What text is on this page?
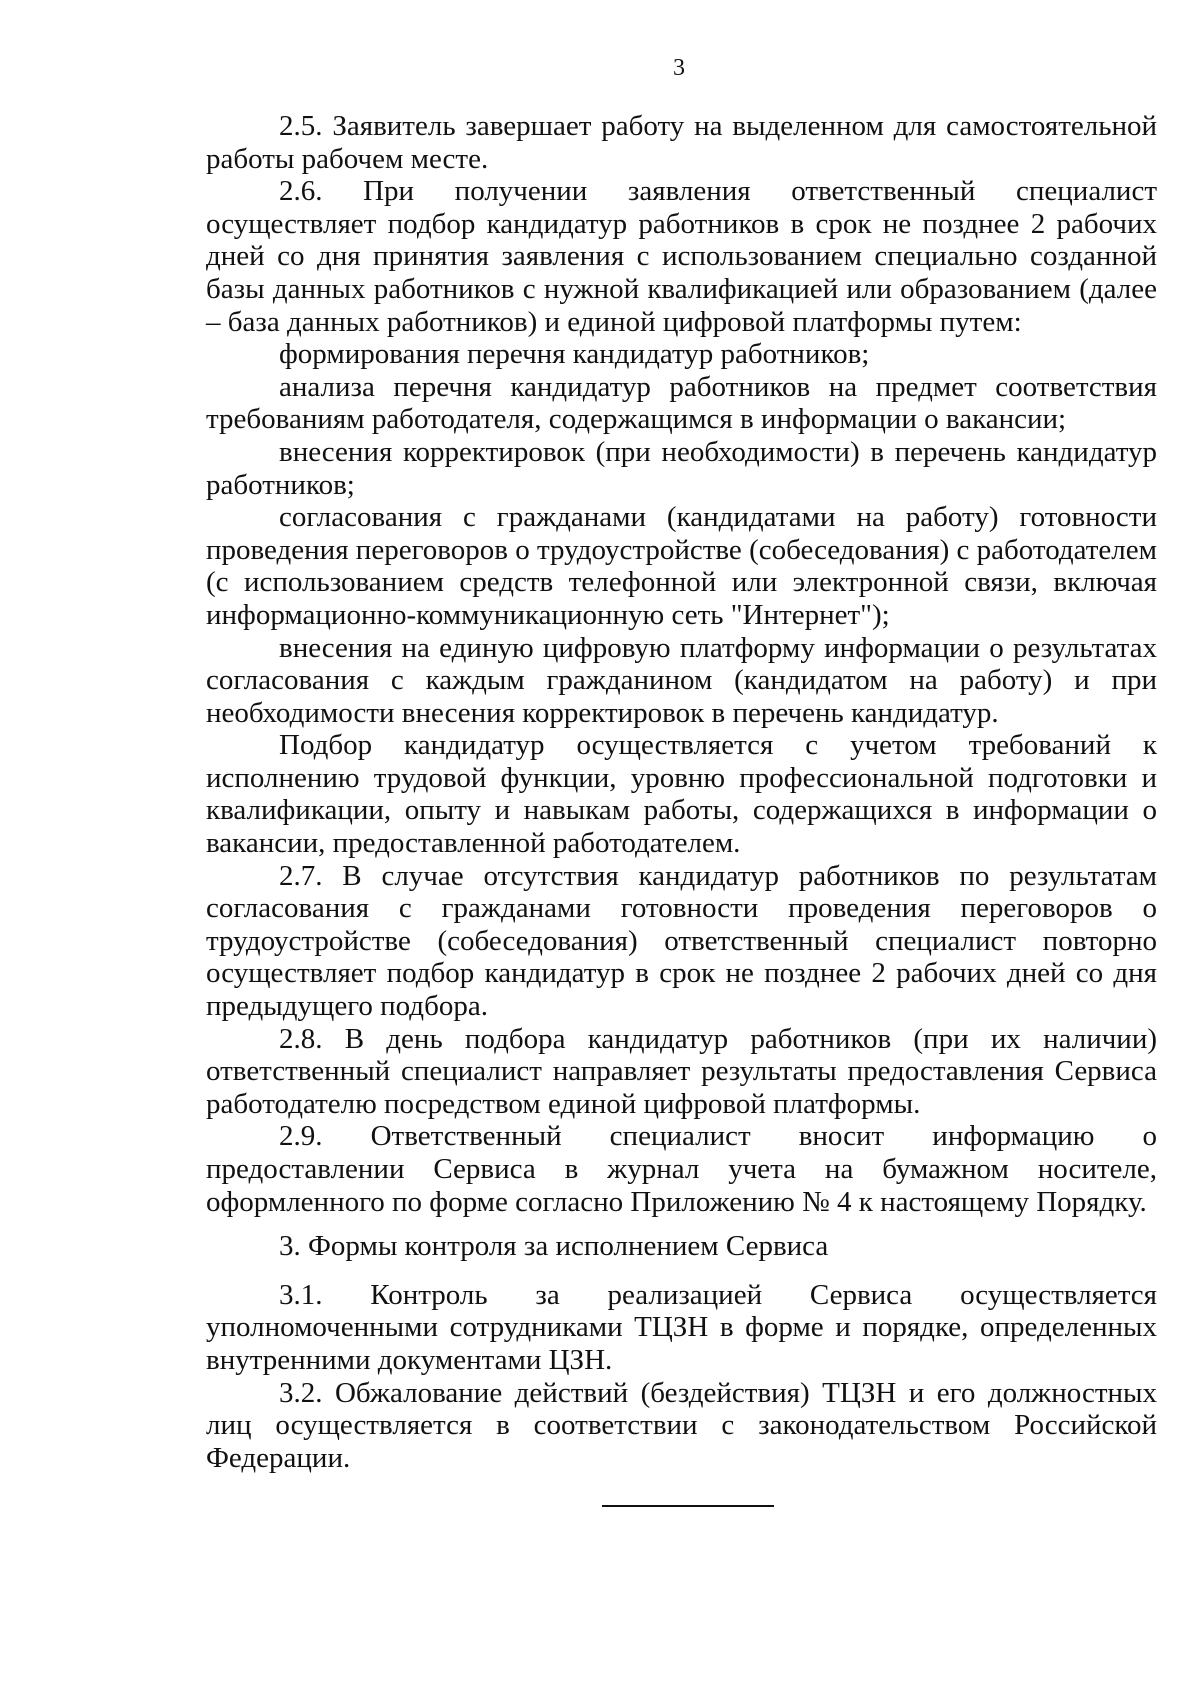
3

2.5. Заявитель завершает работу на выделенном для самостоятельной работы рабочем месте.

2.6. При получении заявления ответственный специалист осуществляет подбор кандидатур работников в срок не позднее 2 рабочих дней со дня принятия заявления с использованием специально созданной базы данных работников с нужной квалификацией или образованием (далее – база данных работников) и единой цифровой платформы путем:

формирования перечня кандидатур работников;

анализа перечня кандидатур работников на предмет соответствия требованиям работодателя, содержащимся в информации о вакансии;

внесения корректировок (при необходимости) в перечень кандидатур работников;

согласования с гражданами (кандидатами на работу) готовности проведения переговоров о трудоустройстве (собеседования) с работодателем (с использованием средств телефонной или электронной связи, включая информационно-коммуникационную сеть "Интернет");

внесения на единую цифровую платформу информации о результатах согласования с каждым гражданином (кандидатом на работу) и при необходимости внесения корректировок в перечень кандидатур.

Подбор кандидатур осуществляется с учетом требований к исполнению трудовой функции, уровню профессиональной подготовки и квалификации, опыту и навыкам работы, содержащихся в информации о вакансии, предоставленной работодателем.

2.7. В случае отсутствия кандидатур работников по результатам согласования с гражданами готовности проведения переговоров о трудоустройстве (собеседования) ответственный специалист повторно осуществляет подбор кандидатур в срок не позднее 2 рабочих дней со дня предыдущего подбора.

2.8. В день подбора кандидатур работников (при их наличии) ответственный специалист направляет результаты предоставления Сервиса работодателю посредством единой цифровой платформы.

2.9. Ответственный специалист вносит информацию о предоставлении Сервиса в журнал учета на бумажном носителе, оформленного по форме согласно Приложению № 4 к настоящему Порядку.

3. Формы контроля за исполнением Сервиса

3.1. Контроль за реализацией Сервиса осуществляется уполномоченными сотрудниками ТЦЗН в форме и порядке, определенных внутренними документами ЦЗН.

3.2. Обжалование действий (бездействия) ТЦЗН и его должностных лиц осуществляется в соответствии с законодательством Российской Федерации.
